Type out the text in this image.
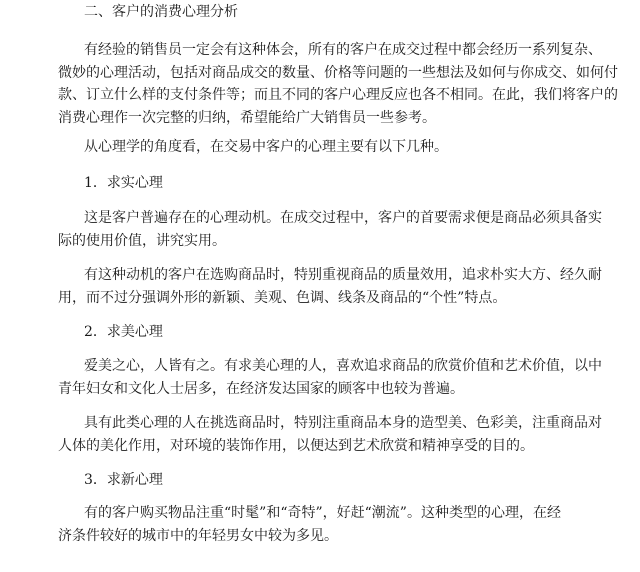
二、客户的消费心理分析
有经验的销售员一定会有这种体会，所有的客户在成交过程中都会经历一系列复杂、
微妙的心理活动，包括对商品成交的数量、价格等问题的一些想法及如何与你成交、如何付
款、订立什么样的支付条件等；而且不同的客户心理反应也各不相同。在此，我们将客户的
消费心理作一次完整的归纳，希望能给广大销售员一些参考。
从心理学的角度看，在交易中客户的心理主要有以下几种。
1．求实心理
这是客户普遍存在的心理动机。在成交过程中，客户的首要需求便是商品必须具备实
际的使用价值，讲究实用。
有这种动机的客户在选购商品时，特别重视商品的质量效用，追求朴实大方、经久耐
用，而不过分强调外形的新颖、美观、色调、线条及商品的“个性”特点。
2．求美心理
爱美之心，人皆有之。有求美心理的人，喜欢追求商品的欣赏价值和艺术价值，以中
青年妇女和文化人士居多，在经济发达国家的顾客中也较为普遍。
具有此类心理的人在挑选商品时，特别注重商品本身的造型美、色彩美，注重商品对
人体的美化作用，对环境的装饰作用，以便达到艺术欣赏和精神享受的目的。
3．求新心理
有的客户购买物品注重“时髦”和“奇特”，好赶“潮流”。这种类型的心理，在经
济条件较好的城市中的年轻男女中较为多见。
